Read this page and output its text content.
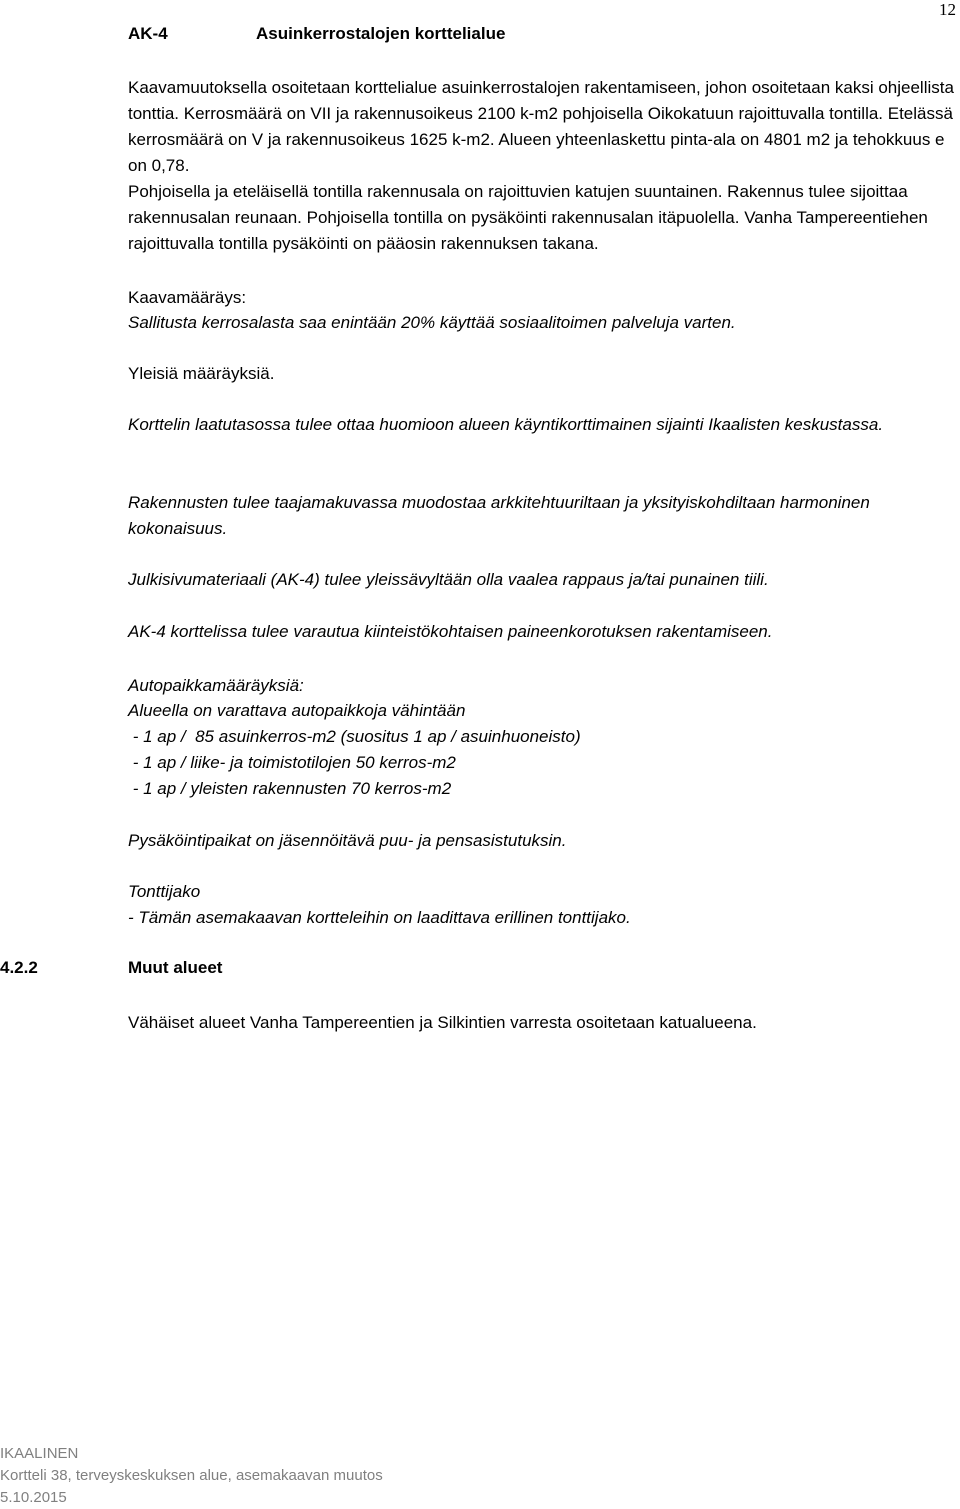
12
AK-4	Asuinkerrostalojen korttelialue

Kaavamuutoksella osoitetaan korttelialue asuinkerrostalojen rakentamiseen, johon osoitetaan kaksi ohjeellista tonttia. Kerrosmäärä on VII ja rakennusoikeus 2100 k-m2 pohjoisella Oikokatuun rajoittuvalla tontilla. Etelässä kerrosmäärä on V ja rakennusoikeus 1625 k-m2. Alueen yhteenlaskettu pinta-ala on 4801 m2 ja tehokkuus e on 0,78.

Pohjoisella ja eteläisellä tontilla rakennusala on rajoittuvien katujen suuntainen. Rakennus tulee sijoittaa rakennusalan reunaan. Pohjoisella tontilla on pysäköinti rakennusalan itäpuolella. Vanha Tampereentiehen rajoittuvalla tontilla pysäköinti on pääosin rakennuksen takana.

Kaavamääräys:
Sallitusta kerrosalasta saa enintään 20% käyttää sosiaalitoimen palveluja varten.
Yleisiä määräyksiä.
Korttelin laatutasossa tulee ottaa huomioon alueen käyntikorttimainen sijainti Ikaalisten keskustassa.
Rakennusten tulee taajamakuvassa muodostaa arkkitehtuuriltaan ja yksityiskohdiltaan harmoninen kokonaisuus.
Julkisivumateriaali (AK-4) tulee yleissävyltään olla vaalea rappaus ja/tai punainen tiili.
AK-4 korttelissa tulee varautua kiinteistökohtaisen paineenkorotuksen rakentamiseen.
Autopaikkamääräyksiä:
Alueella on varattava autopaikkoja vähintään
- 1 ap /  85 asuinkerros-m2 (suositus 1 ap / asuinhuoneisto)
- 1 ap / liike- ja toimistotilojen 50 kerros-m2
- 1 ap / yleisten rakennusten 70 kerros-m2
Pysäköintipaikat on jäsennöitävä puu- ja pensasistutuksin.
Tonttijako
- Tämän asemakaavan kortteleihin on laadittava erillinen tonttijako.
4.2.2	Muut alueet
Vähäiset alueet Vanha Tampereentien ja Silkintien varresta osoitetaan katualueena.
IKAALINEN
Kortteli 38, terveyskeskuksen alue, asemakaavan muutos
5.10.2015
